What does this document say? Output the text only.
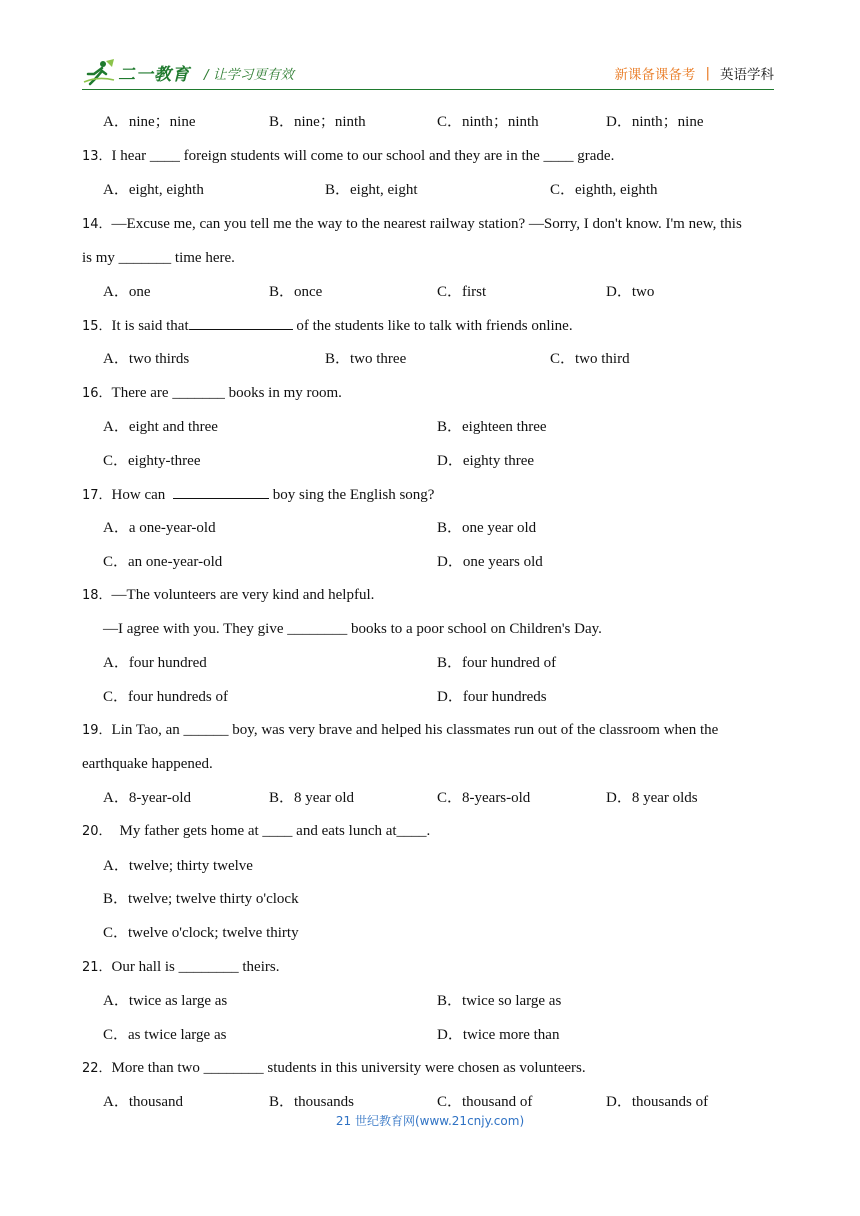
二一教育 / 让学习更有效	新课备课备考 | 英语学科
A．nine；nine	B．nine；ninth	C．ninth；ninth	D．ninth；nine
13．I hear ____ foreign students will come to our school and they are in the ____ grade.
A．eight, eighth	B．eight, eight	C．eighth, eighth
14．—Excuse me, can you tell me the way to the nearest railway station? —Sorry, I don't know. I'm new, this
is my _______ time here.
A．one	B．once	C．first	D．two
15．It is said that	of the students like to talk with friends online.
A．two thirds	B．two three	C．two third
16．There are _______ books in my room.
A．eight and three	B．eighteen three
C．eighty-three	D．eighty three
17．How can	boy sing the English song?
A．a one-year-old	B．one year old
C．an one-year-old	D．one years old
18．—The volunteers are very kind and helpful.
—I agree with you. They give ________ books to a poor school on Children's Day.
A．four hundred	B．four hundred of
C．four hundreds of	D．four hundreds
19．Lin Tao, an ______ boy, was very brave and helped his classmates run out of the classroom when the
earthquake happened.
A．8-year-old	B．8 year old	C．8-years-old	D．8 year olds
20． My father gets home at ____ and eats lunch at____.
A．twelve; thirty twelve
B．twelve; twelve thirty o'clock
C．twelve o'clock; twelve thirty
21．Our hall is ________ theirs.
A．twice as large as	B．twice so large as
C．as twice large as	D．twice more than
22．More than two ________ students in this university were chosen as volunteers.
A．thousand	B．thousands	C．thousand of	D．thousands of
21 世纪教育网(www.21cnjy.com)
